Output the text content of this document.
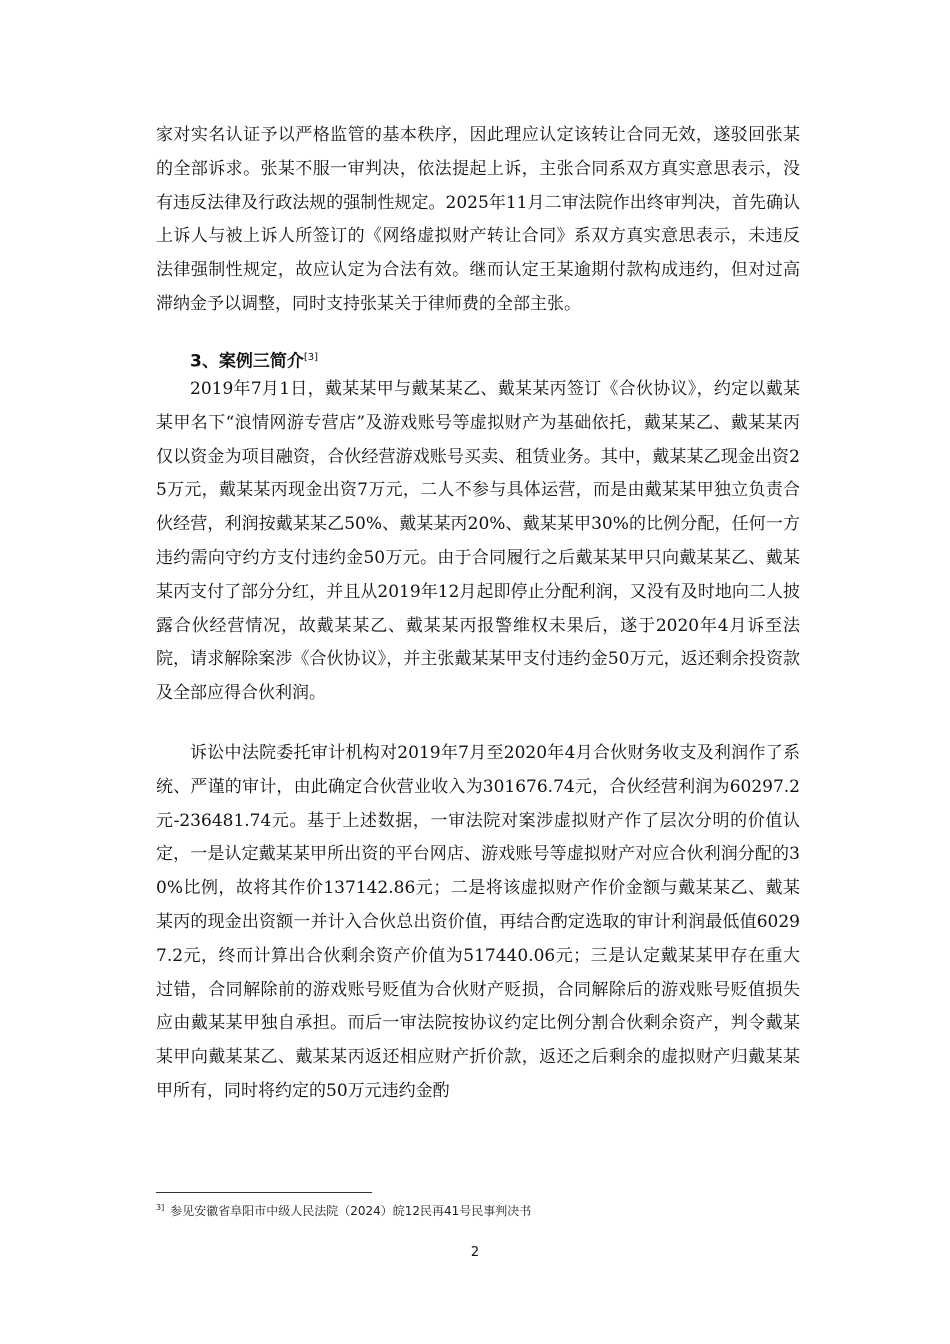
家对实名认证予以严格监管的基本秩序，因此理应认定该转让合同无效，遂驳回张某的全部诉求。张某不服一审判决，依法提起上诉，主张合同系双方真实意思表示，没有违反法律及行政法规的强制性规定。2025年11月二审法院作出终审判决，首先确认上诉人与被上诉人所签订的《网络虚拟财产转让合同》系双方真实意思表示，未违反法律强制性规定，故应认定为合法有效。继而认定王某逾期付款构成违约，但对过高滞纳金予以调整，同时支持张某关于律师费的全部主张。

3、案例三简介[3]

2019年7月1日，戴某某甲与戴某某乙、戴某某丙签订《合伙协议》，约定以戴某某甲名下“浪情网游专营店”及游戏账号等虚拟财产为基础依托，戴某某乙、戴某某丙仅以资金为项目融资，合伙经营游戏账号买卖、租赁业务。其中，戴某某乙现金出资25万元，戴某某丙现金出资7万元，二人不参与具体运营，而是由戴某某甲独立负责合伙经营，利润按戴某某乙50%、戴某某丙20%、戴某某甲30%的比例分配，任何一方违约需向守约方支付违约金50万元。由于合同履行之后戴某某甲只向戴某某乙、戴某某丙支付了部分分红，并且从2019年12月起即停止分配利润，又没有及时地向二人披露合伙经营情况，故戴某某乙、戴某某丙报警维权未果后，遂于2020年4月诉至法院，请求解除案涉《合伙协议》，并主张戴某某甲支付违约金50万元，返还剩余投资款及全部应得合伙利润。

诉讼中法院委托审计机构对2019年7月至2020年4月合伙财务收支及利润作了系统、严谨的审计，由此确定合伙营业收入为301676.74元，合伙经营利润为60297.2元-236481.74元。基于上述数据，一审法院对案涉虚拟财产作了层次分明的价值认定，一是认定戴某某甲所出资的平台网店、游戏账号等虚拟财产对应合伙利润分配的30%比例，故将其作价137142.86元；二是将该虚拟财产作价金额与戴某某乙、戴某某丙的现金出资额一并计入合伙总出资价值，再结合酌定选取的审计利润最低值60297.2元，终而计算出合伙剩余资产价值为517440.06元；三是认定戴某某甲存在重大过错，合同解除前的游戏账号贬值为合伙财产贬损，合同解除后的游戏账号贬值损失应由戴某某甲独自承担。而后一审法院按协议约定比例分割合伙剩余资产，判令戴某某甲向戴某某乙、戴某某丙返还相应财产折价款，返还之后剩余的虚拟财产归戴某某甲所有，同时将约定的50万元违约金酌

$^{3]}$ 参见安徽省阜阳市中级人民法院（2024）皖12民再41号民事判决书

2
